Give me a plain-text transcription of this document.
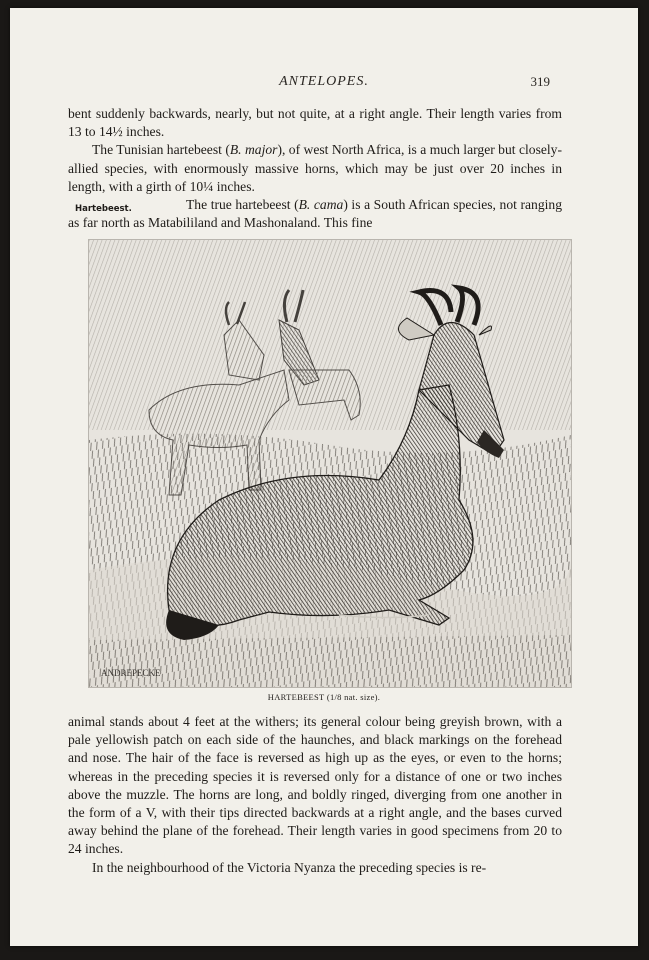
ANTELOPES.	319

bent suddenly backwards, nearly, but not quite, at a right angle. Their length varies from 13 to 14½ inches.

The Tunisian hartebeest (B. major), of west North Africa, is a much larger but closely-allied species, with enormously massive horns, which may be just over 20 inches in length, with a girth of 10¼ inches.

The true hartebeest (B. cama) is a South African species, not ranging as far north as Matabililand and Mashonaland. This fine

Hartebeest.
ANDREPECKE
HARTEBEEST (1/8 nat. size).

animal stands about 4 feet at the withers; its general colour being greyish brown, with a pale yellowish patch on each side of the haunches, and black markings on the forehead and nose. The hair of the face is reversed as high up as the eyes, or even to the horns; whereas in the preceding species it is reversed only for a distance of one or two inches above the muzzle. The horns are long, and boldly ringed, diverging from one another in the form of a V, with their tips directed backwards at a right angle, and the bases curved away behind the plane of the forehead. Their length varies in good specimens from 20 to 24 inches.

In the neighbourhood of the Victoria Nyanza the preceding species is re-
